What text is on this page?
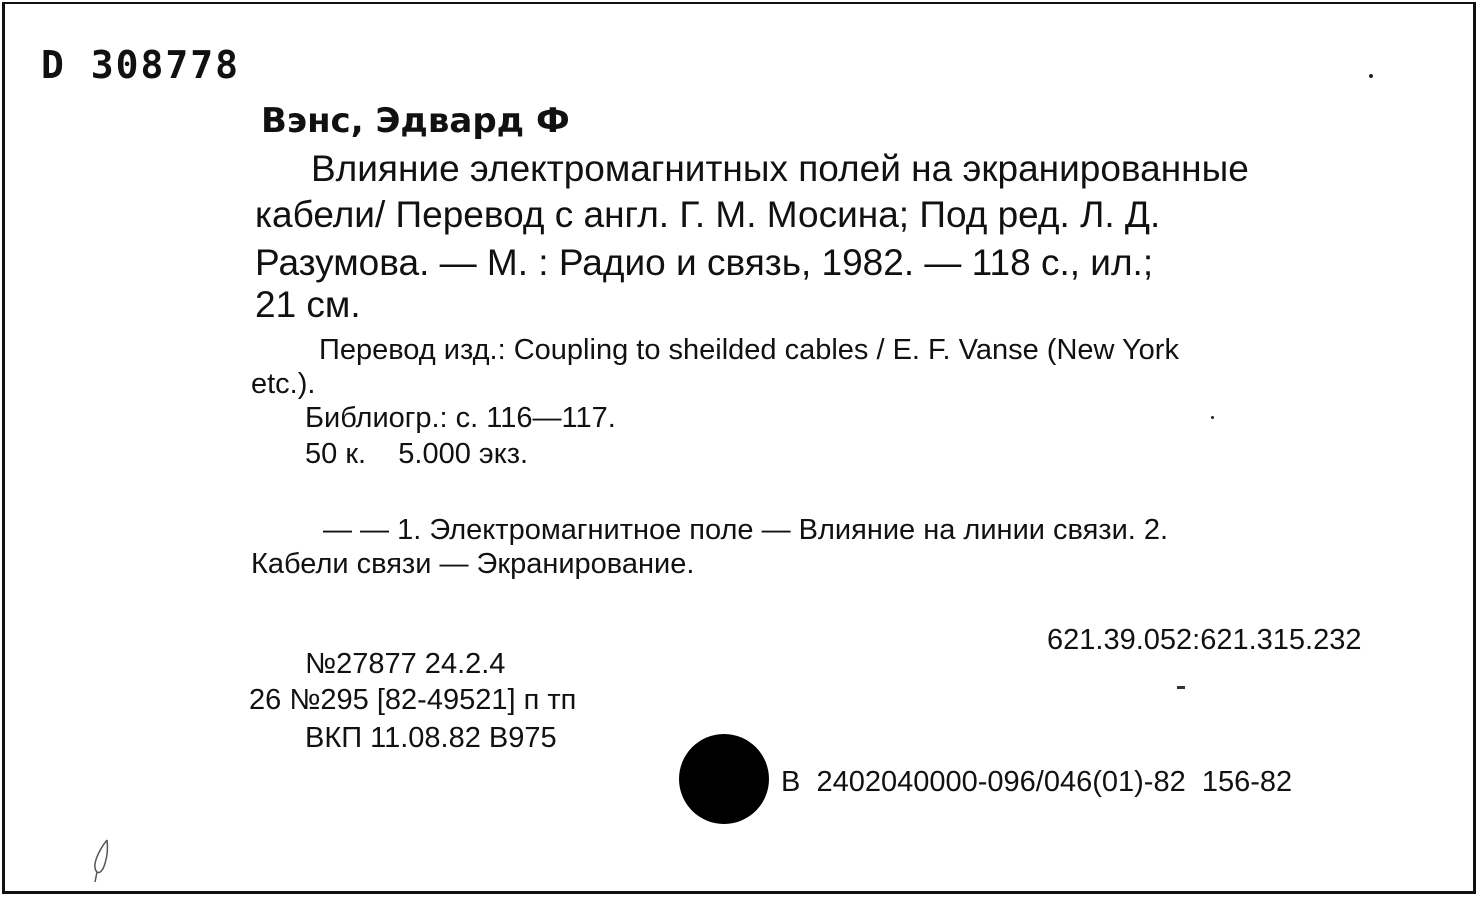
D 308778
Вэнс, Эдвард Ф
Влияние электромагнитных полей на экранированные
кабели/ Перевод с англ. Г. М. Мосина; Под ред. Л. Д.
Разумова. — М. : Радио и связь, 1982. — 118 с., ил.;
21 см.
Перевод изд.: Coupling to sheilded cables / E. F. Vanse (New York
etc.).
Библиогр.: с. 116—117.
50 к.    5.000 экз.
— — 1. Электромагнитное поле — Влияние на линии связи. 2.
Кабели связи — Экранирование.
621.39.052:621.315.232
№27877 24.2.4
26 №295 [82-49521] п тп
ВКП 11.08.82 В975
В  2402040000-096/046(01)-82  156-82
